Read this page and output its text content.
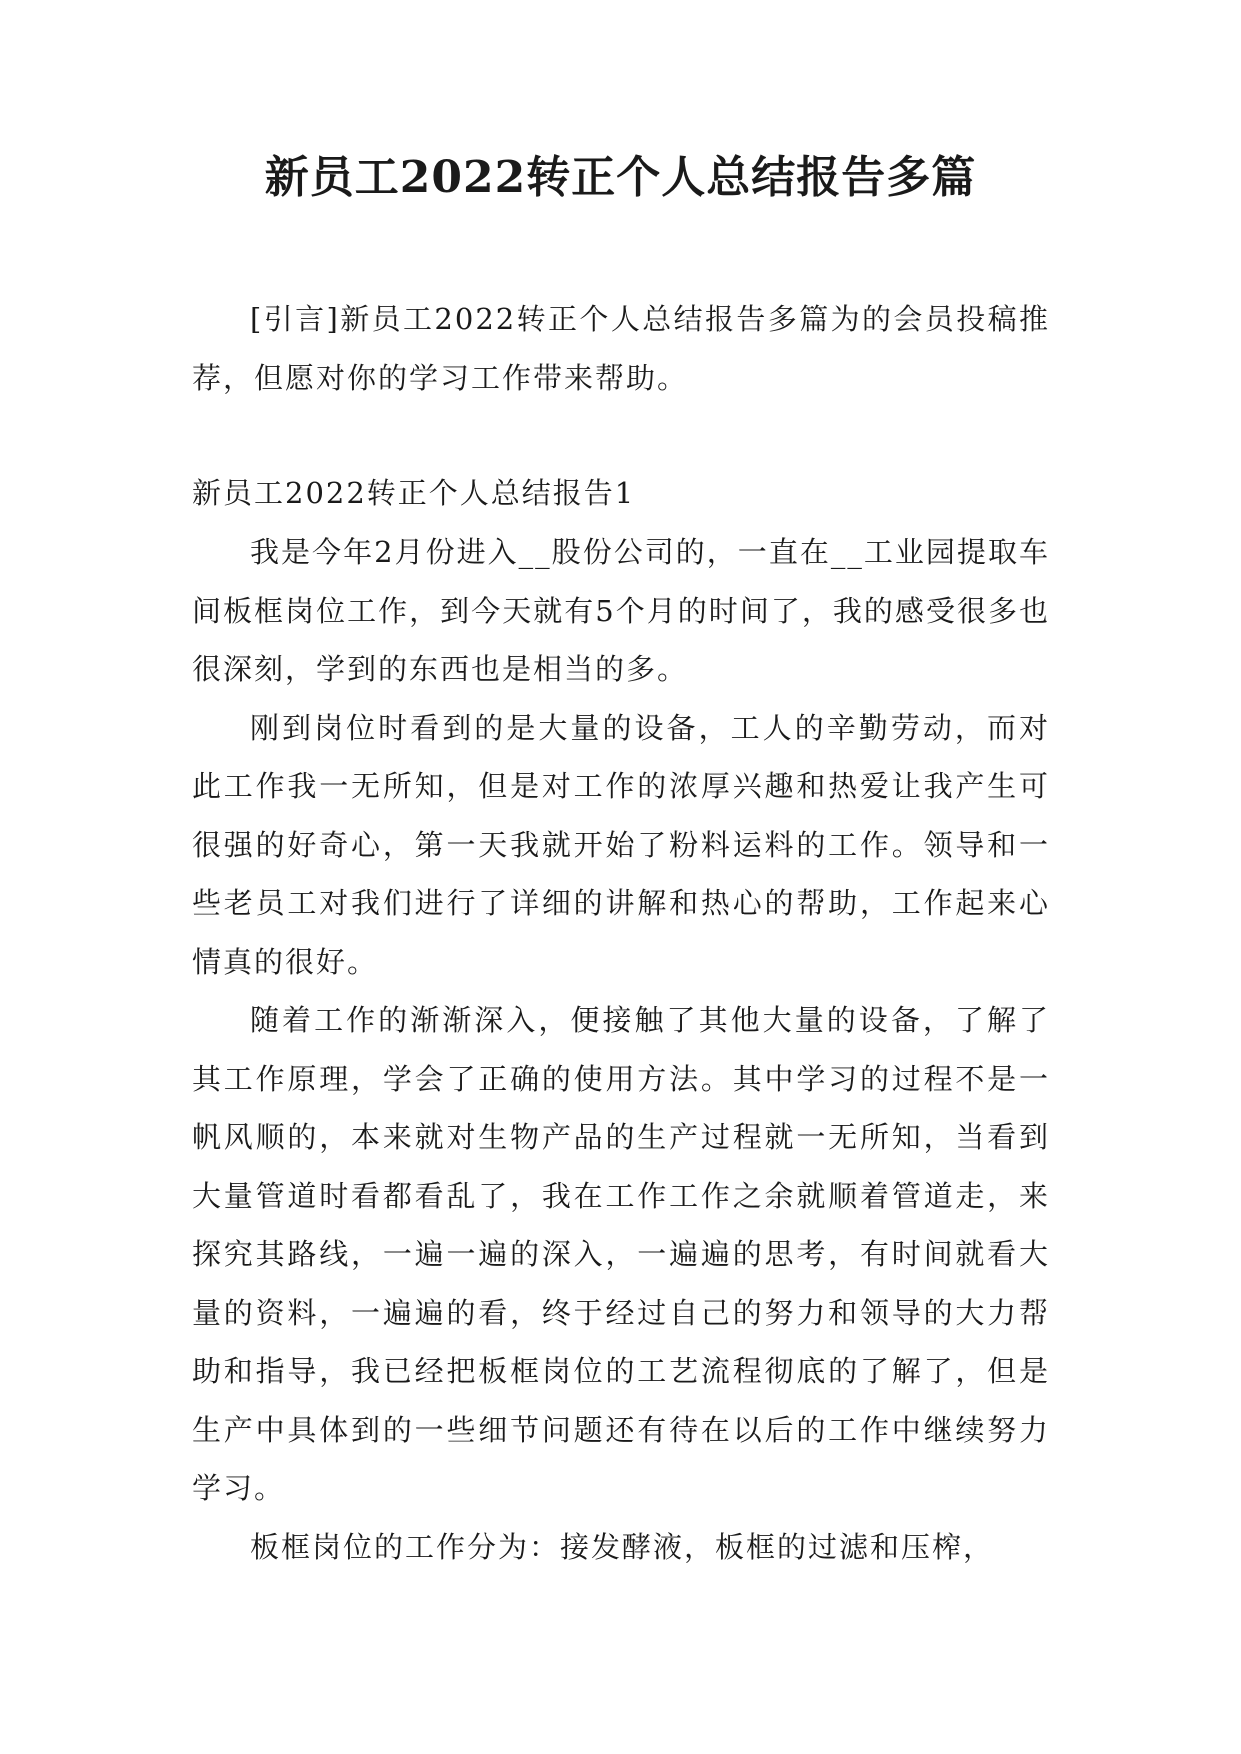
新员工2022转正个人总结报告多篇

[引言]新员工2022转正个人总结报告多篇为的会员投稿推荐，但愿对你的学习工作带来帮助。

新员工2022转正个人总结报告1

我是今年2月份进入__股份公司的，一直在__工业园提取车间板框岗位工作，到今天就有5个月的时间了，我的感受很多也很深刻，学到的东西也是相当的多。

刚到岗位时看到的是大量的设备，工人的辛勤劳动，而对此工作我一无所知，但是对工作的浓厚兴趣和热爱让我产生可很强的好奇心，第一天我就开始了粉料运料的工作。领导和一些老员工对我们进行了详细的讲解和热心的帮助，工作起来心情真的很好。

随着工作的渐渐深入，便接触了其他大量的设备，了解了其工作原理，学会了正确的使用方法。其中学习的过程不是一帆风顺的，本来就对生物产品的生产过程就一无所知，当看到大量管道时看都看乱了，我在工作工作之余就顺着管道走，来探究其路线，一遍一遍的深入，一遍遍的思考，有时间就看大量的资料，一遍遍的看，终于经过自己的努力和领导的大力帮助和指导，我已经把板框岗位的工艺流程彻底的了解了，但是生产中具体到的一些细节问题还有待在以后的工作中继续努力学习。

板框岗位的工作分为：接发酵液，板框的过滤和压榨，
